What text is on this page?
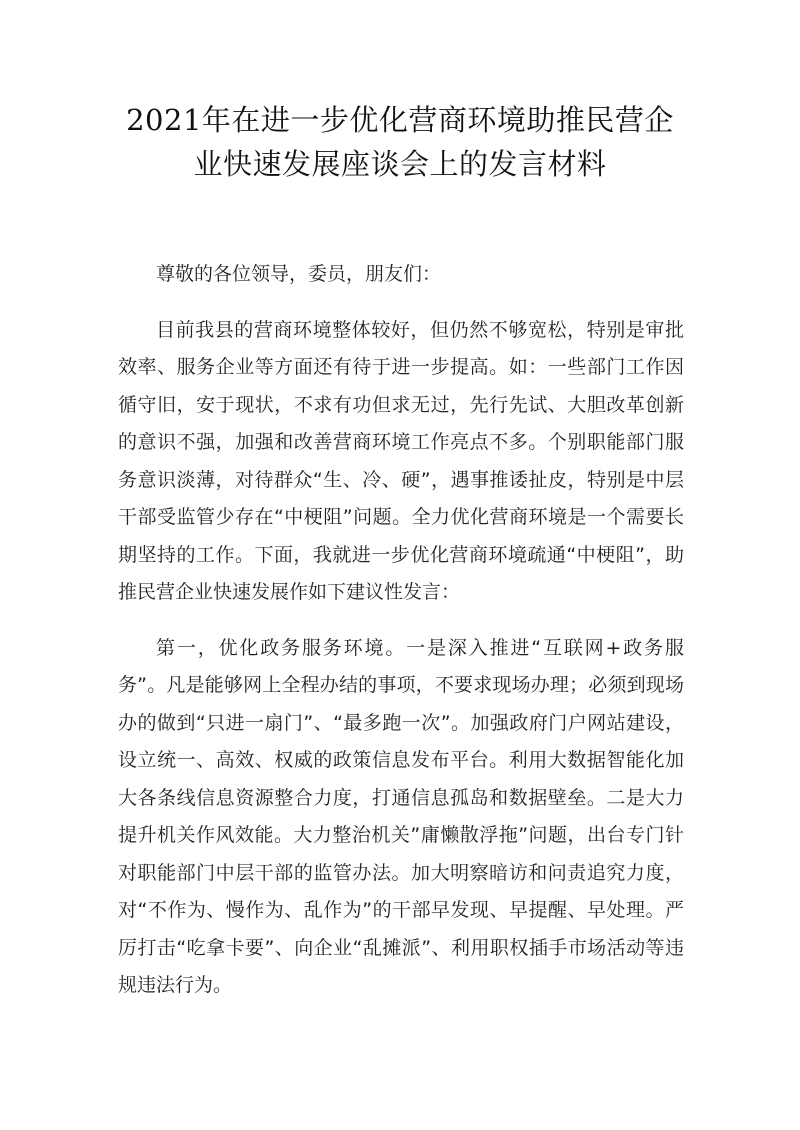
2021年在进一步优化营商环境助推民营企
业快速发展座谈会上的发言材料

尊敬的各位领导，委员，朋友们：

目前我县的营商环境整体较好，但仍然不够宽松，特别是审批效率、服务企业等方面还有待于进一步提高。如：一些部门工作因循守旧，安于现状，不求有功但求无过，先行先试、大胆改革创新的意识不强，加强和改善营商环境工作亮点不多。个别职能部门服务意识淡薄，对待群众“生、冷、硬”，遇事推诿扯皮，特别是中层干部受监管少存在“中梗阻”问题。全力优化营商环境是一个需要长期坚持的工作。下面，我就进一步优化营商环境疏通“中梗阻”，助推民营企业快速发展作如下建议性发言：

第一，优化政务服务环境。一是深入推进“互联网+政务服务”。凡是能够网上全程办结的事项，不要求现场办理；必须到现场办的做到“只进一扇门”、“最多跑一次”。加强政府门户网站建设，设立统一、高效、权威的政策信息发布平台。利用大数据智能化加大各条线信息资源整合力度，打通信息孤岛和数据壁垒。二是大力提升机关作风效能。大力整治机关”庸懒散浮拖”问题，出台专门针对职能部门中层干部的监管办法。加大明察暗访和问责追究力度，对“不作为、慢作为、乱作为”的干部早发现、早提醒、早处理。严厉打击“吃拿卡要”、向企业“乱摊派”、利用职权插手市场活动等违规违法行为。
